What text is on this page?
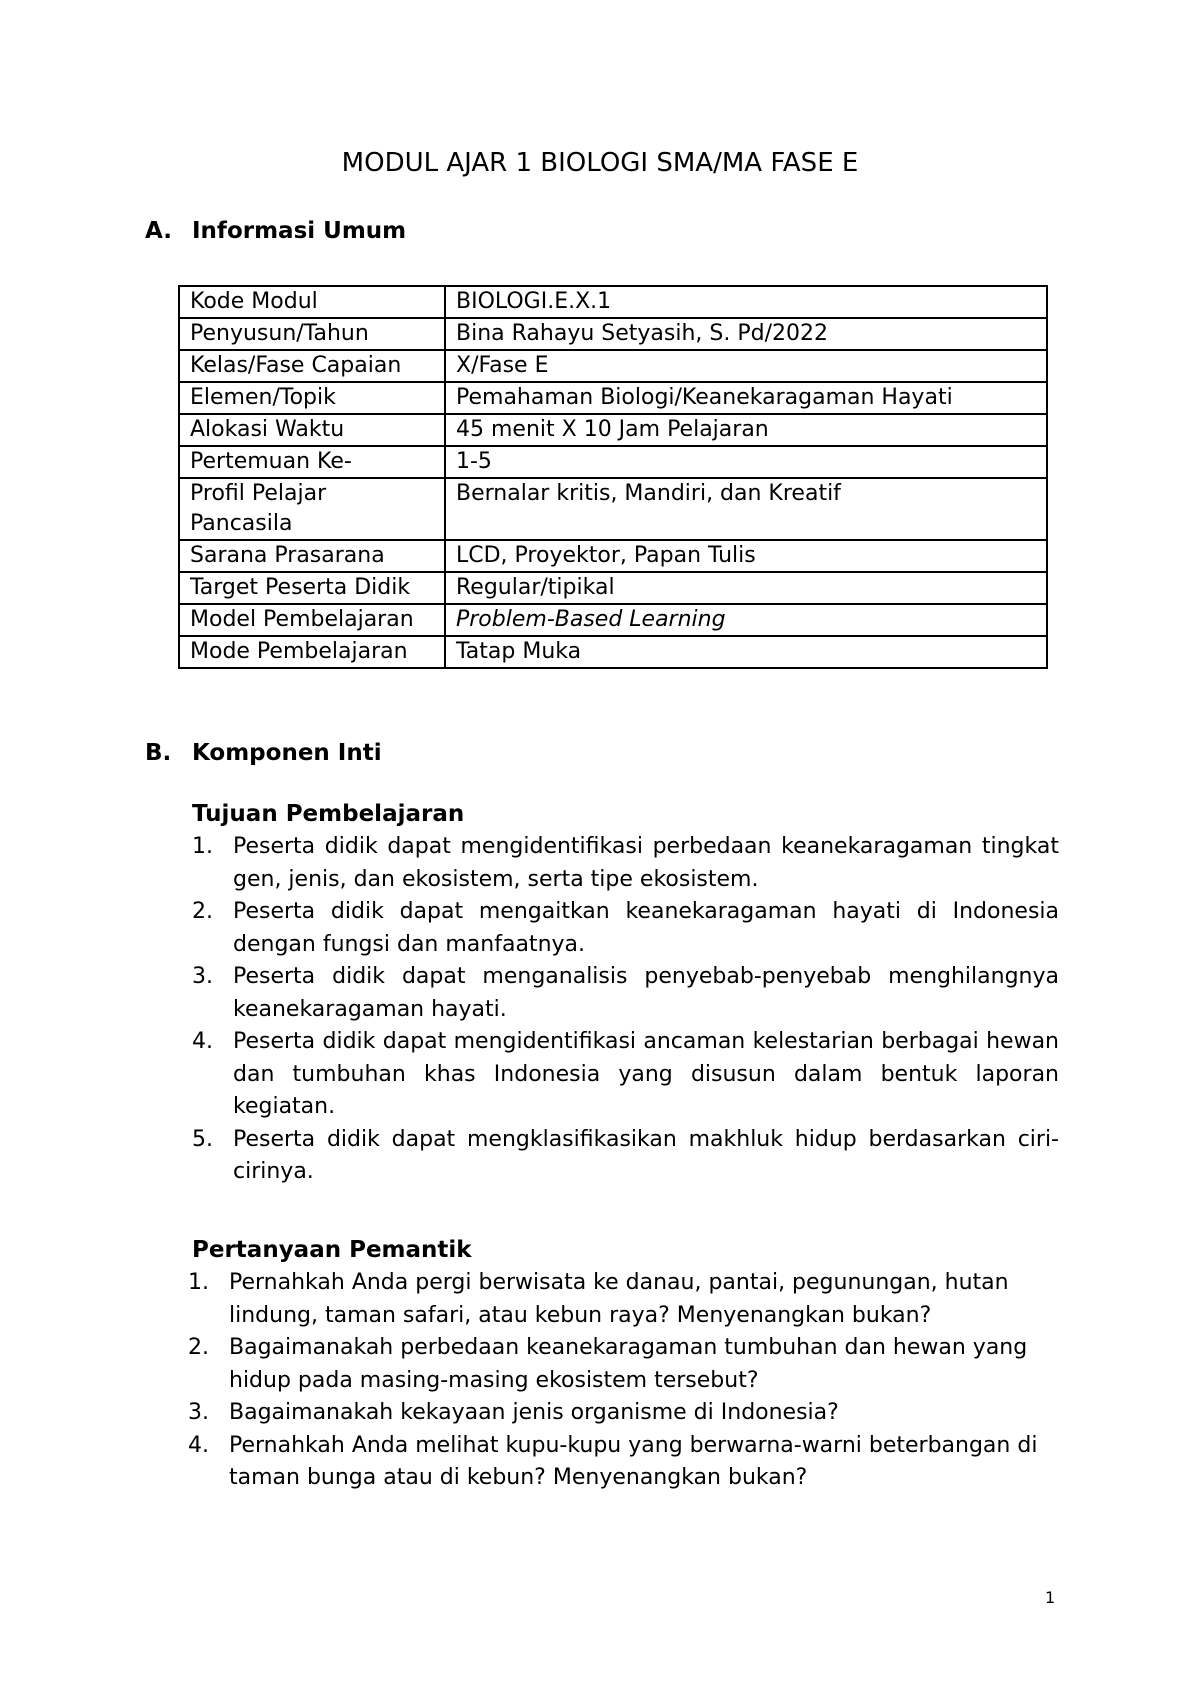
MODUL AJAR 1 BIOLOGI SMA/MA FASE E
A. Informasi Umum
Kode Modul	BIOLOGI.E.X.1
Penyusun/Tahun	Bina Rahayu Setyasih, S. Pd/2022
Kelas/Fase Capaian	X/Fase E
Elemen/Topik	Pemahaman Biologi/Keanekaragaman Hayati
Alokasi Waktu	45 menit X 10 Jam Pelajaran
Pertemuan Ke-	1-5
Profil Pelajar Pancasila	Bernalar kritis, Mandiri, dan Kreatif
Sarana Prasarana	LCD, Proyektor, Papan Tulis
Target Peserta Didik	Regular/tipikal
Model Pembelajaran	Problem-Based Learning
Mode Pembelajaran	Tatap Muka
B. Komponen Inti
Tujuan Pembelajaran
1. Peserta didik dapat mengidentifikasi perbedaan keanekaragaman tingkat gen, jenis, dan ekosistem, serta tipe ekosistem.
2. Peserta didik dapat mengaitkan keanekaragaman hayati di Indonesia dengan fungsi dan manfaatnya.
3. Peserta didik dapat menganalisis penyebab-penyebab menghilangnya keanekaragaman hayati.
4. Peserta didik dapat mengidentifikasi ancaman kelestarian berbagai hewan dan tumbuhan khas Indonesia yang disusun dalam bentuk laporan kegiatan.
5. Peserta didik dapat mengklasifikasikan makhluk hidup berdasarkan ciri-cirinya.
Pertanyaan Pemantik
1. Pernahkah Anda pergi berwisata ke danau, pantai, pegunungan, hutan lindung, taman safari, atau kebun raya? Menyenangkan bukan?
2. Bagaimanakah perbedaan keanekaragaman tumbuhan dan hewan yang hidup pada masing-masing ekosistem tersebut?
3. Bagaimanakah kekayaan jenis organisme di Indonesia?
4. Pernahkah Anda melihat kupu-kupu yang berwarna-warni beterbangan di taman bunga atau di kebun? Menyenangkan bukan?
1
